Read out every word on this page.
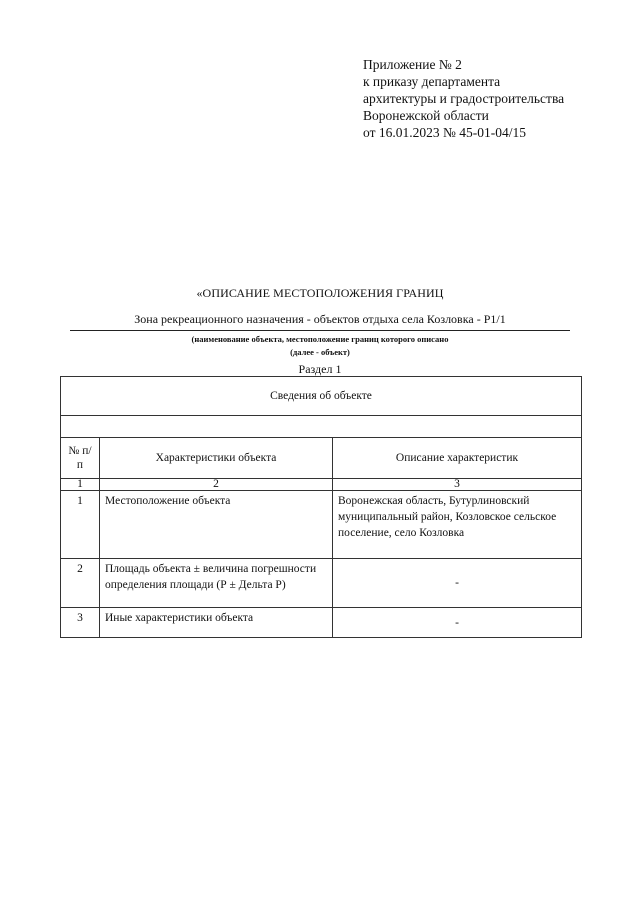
Приложение № 2
к приказу департамента
архитектуры и градостроительства
Воронежской области
от 16.01.2023 № 45-01-04/15
«ОПИСАНИЕ МЕСТОПОЛОЖЕНИЯ ГРАНИЦ
Зона рекреационного назначения - объектов отдыха села Козловка - Р1/1
(наименование объекта, местоположение границ которого описано
(далее - объект)
Раздел 1
Сведения об объекте		

№ п/п	Характеристики объекта	Описание характеристик
1	2	3
1	Местоположение объекта	Воронежская область, Бутурлиновский муниципальный район, Козловское сельское поселение, село Козловка
2	Площадь объекта ± величина погрешности определения площади (Р ± Дельта Р)	-
3	Иные характеристики объекта	-
